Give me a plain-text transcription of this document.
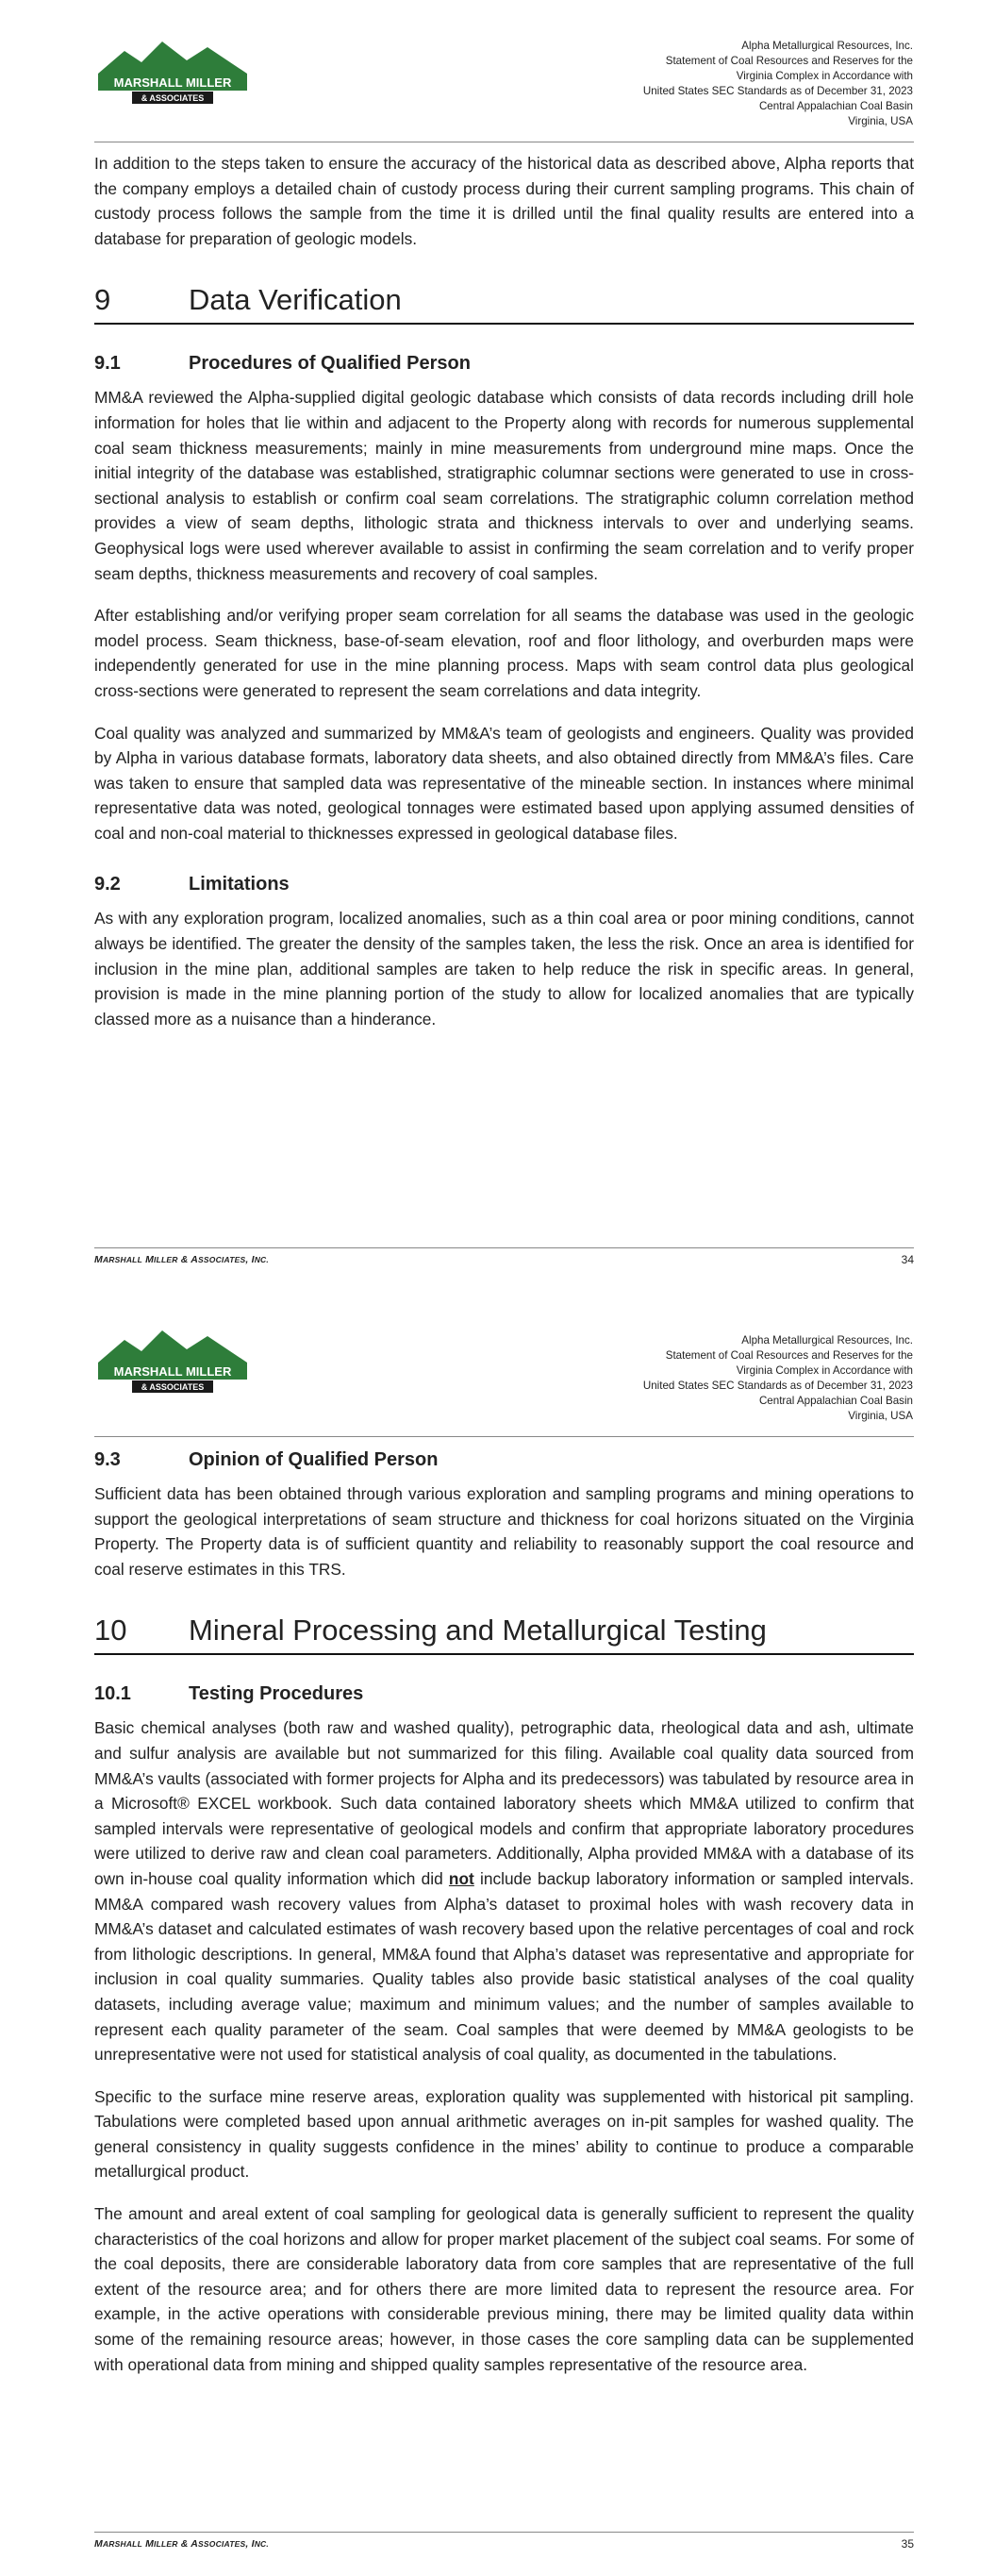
MARSHALL MILLER
& ASSOCIATES
Alpha Metallurgical Resources, Inc.
Statement of Coal Resources and Reserves for the
Virginia Complex in Accordance with
United States SEC Standards as of December 31, 2023
Central Appalachian Coal Basin
Virginia, USA

In addition to the steps taken to ensure the accuracy of the historical data as described above, Alpha reports that the company employs a detailed chain of custody process during their current sampling programs. This chain of custody process follows the sample from the time it is drilled until the final quality results are entered into a database for preparation of geologic models.

9	Data Verification
9.1	Procedures of Qualified Person

MM&A reviewed the Alpha-supplied digital geologic database which consists of data records including drill hole information for holes that lie within and adjacent to the Property along with records for numerous supplemental coal seam thickness measurements; mainly in mine measurements from underground mine maps. Once the initial integrity of the database was established, stratigraphic columnar sections were generated to use in cross-sectional analysis to establish or confirm coal seam correlations. The stratigraphic column correlation method provides a view of seam depths, lithologic strata and thickness intervals to over and underlying seams. Geophysical logs were used wherever available to assist in confirming the seam correlation and to verify proper seam depths, thickness measurements and recovery of coal samples.

After establishing and/or verifying proper seam correlation for all seams the database was used in the geologic model process. Seam thickness, base-of-seam elevation, roof and floor lithology, and overburden maps were independently generated for use in the mine planning process. Maps with seam control data plus geological cross-sections were generated to represent the seam correlations and data integrity.

Coal quality was analyzed and summarized by MM&A’s team of geologists and engineers. Quality was provided by Alpha in various database formats, laboratory data sheets, and also obtained directly from MM&A’s files. Care was taken to ensure that sampled data was representative of the mineable section. In instances where minimal representative data was noted, geological tonnages were estimated based upon applying assumed densities of coal and non-coal material to thicknesses expressed in geological database files.

9.2	Limitations

As with any exploration program, localized anomalies, such as a thin coal area or poor mining conditions, cannot always be identified. The greater the density of the samples taken, the less the risk. Once an area is identified for inclusion in the mine plan, additional samples are taken to help reduce the risk in specific areas. In general, provision is made in the mine planning portion of the study to allow for localized anomalies that are typically classed more as a nuisance than a hinderance.

MARSHALL MILLER & ASSOCIATES, INC.	34
MARSHALL MILLER
& ASSOCIATES
Alpha Metallurgical Resources, Inc.
Statement of Coal Resources and Reserves for the
Virginia Complex in Accordance with
United States SEC Standards as of December 31, 2023
Central Appalachian Coal Basin
Virginia, USA
9.3	Opinion of Qualified Person

Sufficient data has been obtained through various exploration and sampling programs and mining operations to support the geological interpretations of seam structure and thickness for coal horizons situated on the Virginia Property. The Property data is of sufficient quantity and reliability to reasonably support the coal resource and coal reserve estimates in this TRS.

10	Mineral Processing and Metallurgical Testing
10.1	Testing Procedures

Basic chemical analyses (both raw and washed quality), petrographic data, rheological data and ash, ultimate and sulfur analysis are available but not summarized for this filing. Available coal quality data sourced from MM&A’s vaults (associated with former projects for Alpha and its predecessors) was tabulated by resource area in a Microsoft® EXCEL workbook. Such data contained laboratory sheets which MM&A utilized to confirm that sampled intervals were representative of geological models and confirm that appropriate laboratory procedures were utilized to derive raw and clean coal parameters. Additionally, Alpha provided MM&A with a database of its own in-house coal quality information which did not include backup laboratory information or sampled intervals. MM&A compared wash recovery values from Alpha’s dataset to proximal holes with wash recovery data in MM&A’s dataset and calculated estimates of wash recovery based upon the relative percentages of coal and rock from lithologic descriptions. In general, MM&A found that Alpha’s dataset was representative and appropriate for inclusion in coal quality summaries. Quality tables also provide basic statistical analyses of the coal quality datasets, including average value; maximum and minimum values; and the number of samples available to represent each quality parameter of the seam. Coal samples that were deemed by MM&A geologists to be unrepresentative were not used for statistical analysis of coal quality, as documented in the tabulations.

Specific to the surface mine reserve areas, exploration quality was supplemented with historical pit sampling. Tabulations were completed based upon annual arithmetic averages on in-pit samples for washed quality. The general consistency in quality suggests confidence in the mines’ ability to continue to produce a comparable metallurgical product.

The amount and areal extent of coal sampling for geological data is generally sufficient to represent the quality characteristics of the coal horizons and allow for proper market placement of the subject coal seams. For some of the coal deposits, there are considerable laboratory data from core samples that are representative of the full extent of the resource area; and for others there are more limited data to represent the resource area. For example, in the active operations with considerable previous mining, there may be limited quality data within some of the remaining resource areas; however, in those cases the core sampling data can be supplemented with operational data from mining and shipped quality samples representative of the resource area.

MARSHALL MILLER & ASSOCIATES, INC.	35
